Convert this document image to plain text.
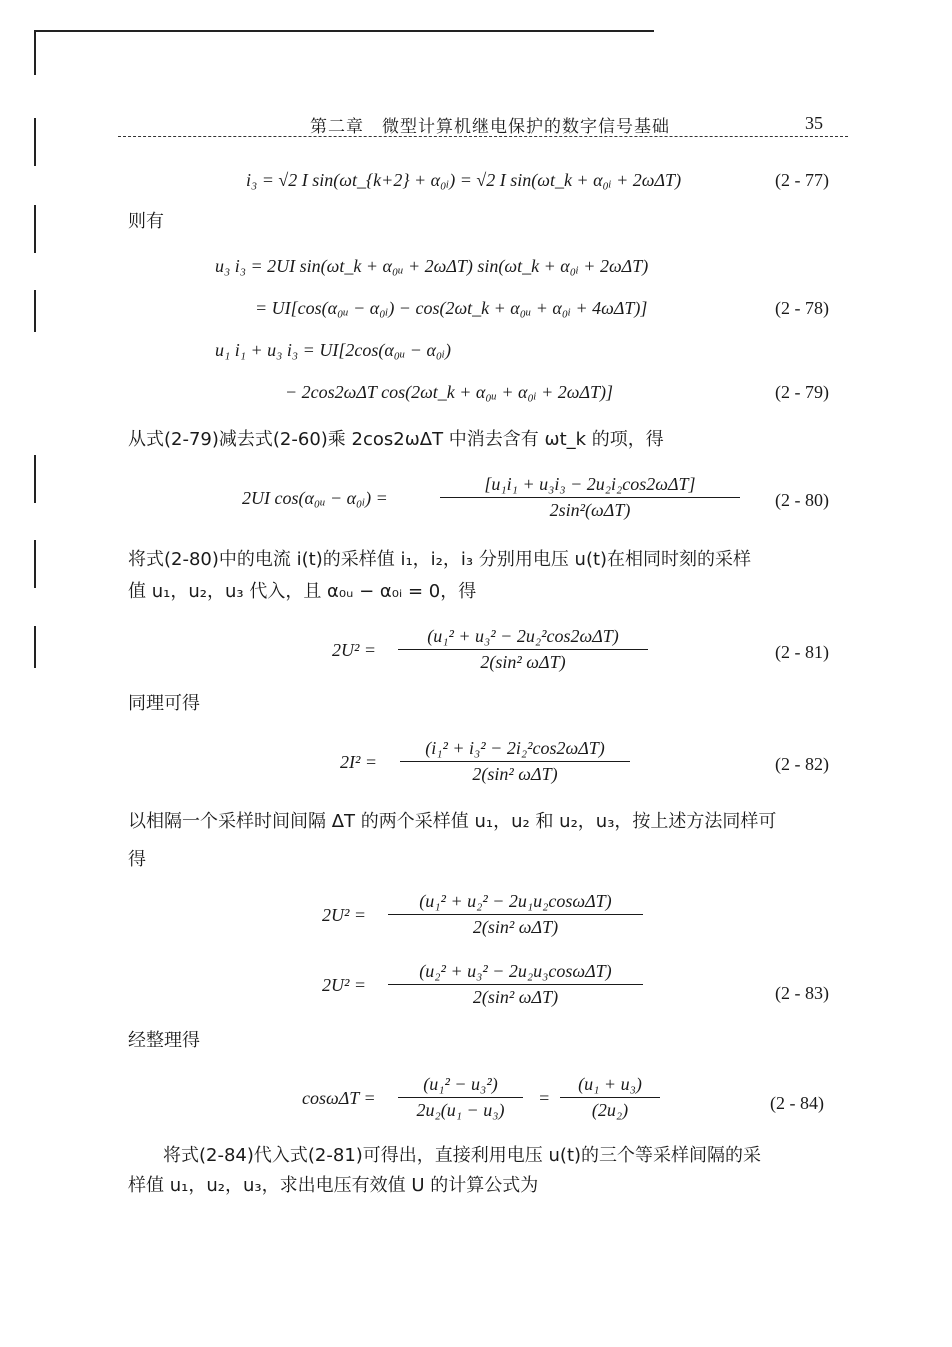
第二章　微型计算机继电保护的数字信号基础	35
i₃ = √2 I sin(ωt_{k+2} + α₀ᵢ) = √2 I sin(ωt_k + α₀ᵢ + 2ωΔT)	(2 - 77)
则有
u₃ i₃ = 2UI sin(ωt_k + α₀ᵤ + 2ωΔT) sin(ωt_k + α₀ᵢ + 2ωΔT)
= UI[cos(α₀ᵤ − α₀ᵢ) − cos(2ωt_k + α₀ᵤ + α₀ᵢ + 4ωΔT)]	(2 - 78)
u₁ i₁ + u₃ i₃ = UI[2cos(α₀ᵤ − α₀ᵢ)
− 2cos2ωΔT cos(2ωt_k + α₀ᵤ + α₀ᵢ + 2ωΔT)]	(2 - 79)
从式(2-79)减去式(2-60)乘 2cos2ωΔT 中消去含有 ωt_k 的项，得
2UI cos(α₀ᵤ − α₀ᵢ) =
[u₁i₁ + u₃i₃ − 2u₂i₂cos2ωΔT]
2sin²(ωΔT)	(2 - 80)
将式(2-80)中的电流 i(t)的采样值 i₁，i₂，i₃ 分别用电压 u(t)在相同时刻的采样
值 u₁，u₂，u₃ 代入，且 α₀ᵤ − α₀ᵢ = 0，得
2U² =
(u₁² + u₃² − 2u₂²cos2ωΔT)
2(sin² ωΔT)	(2 - 81)
同理可得
2I² =
(i₁² + i₃² − 2i₂²cos2ωΔT)
2(sin² ωΔT)	(2 - 82)
以相隔一个采样时间间隔 ΔT 的两个采样值 u₁，u₂ 和 u₂，u₃，按上述方法同样可
得
2U² =
(u₁² + u₂² − 2u₁u₂cosωΔT)
2(sin² ωΔT)
2U² =
(u₂² + u₃² − 2u₂u₃cosωΔT)
2(sin² ωΔT)	(2 - 83)
经整理得
$\cos\omega\Delta T = \frac{\text{(u₁² − u₃²)}}{\text{2u₂(u₁ − u₃)}} = \frac{\text{(u₁ + u₃)}}{\text{(2u₂)}}$	(2 - 84)
将式(2-84)代入式(2-81)可得出，直接利用电压 u(t)的三个等采样间隔的采
样值 u₁，u₂，u₃，求出电压有效值 U 的计算公式为
